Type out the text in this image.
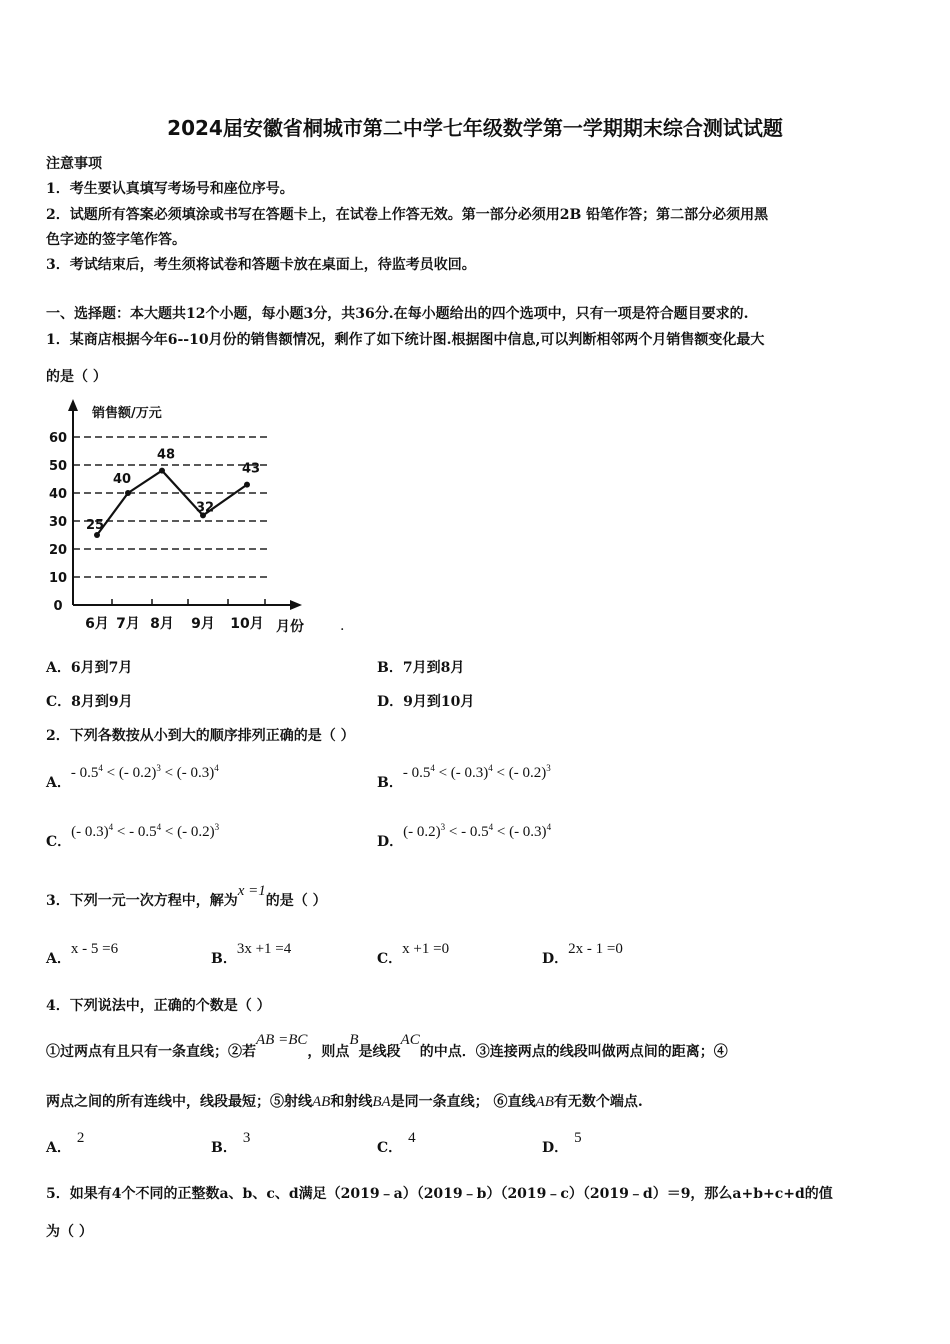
2024届安徽省桐城市第二中学七年级数学第一学期期末综合测试试题
注意事项
1．考生要认真填写考场号和座位序号。
2．试题所有答案必须填涂或书写在答题卡上，在试卷上作答无效。第一部分必须用2B 铅笔作答；第二部分必须用黑
色字迹的签字笔作答。
3．考试结束后，考生须将试卷和答题卡放在桌面上，待监考员收回。
一、选择题：本大题共12个小题，每小题3分，共36分.在每小题给出的四个选项中，只有一项是符合题目要求的.
1．某商店根据今年6--10月份的销售额情况，剩作了如下统计图.根据图中信息,可以判断相邻两个月销售额变化最大
的是（ ）
0
10
20
30
40
50
60
销售额/万元
月份
6月 7月 8月 9月 10月
25
40
48
32
43
.
A．6月到7月	B．7月到8月
C．8月到9月	D．9月到10月
2．下列各数按从小到大的顺序排列正确的是（ ）
A．- $0.5^4$ < (- 0.2)$^3$ < (- 0.3)$^4$
B．- $0.5^4$ < (- 0.3)$^4$ < (- 0.2)$^3$
C．(- 0.3)$^4$ < - $0.5^4$ < (- 0.2)$^3$
D．(- 0.2)$^3$ < - $0.5^4$ < (- 0.3)$^4$
3．下列一元一次方程中，解为x =1的是（ ）
A．x - 5 =6
B．3x +1 =4
C．x +1 =0
D．2x - 1 =0
4．下列说法中，正确的个数是（ ）
①过两点有且只有一条直线；②若AB =BC，则点B是线段AC的中点．③连接两点的线段叫做两点间的距离；④
两点之间的所有连线中，线段最短；⑤射线AB和射线BA是同一条直线； ⑥直线AB有无数个端点.
A．2
B．3
C．4
D．5
5．如果有4个不同的正整数a、b、c、d满足（2019﹣a）（2019﹣b）（2019﹣c）（2019﹣d）＝9，那么a+b+c+d的值
为（ ）
